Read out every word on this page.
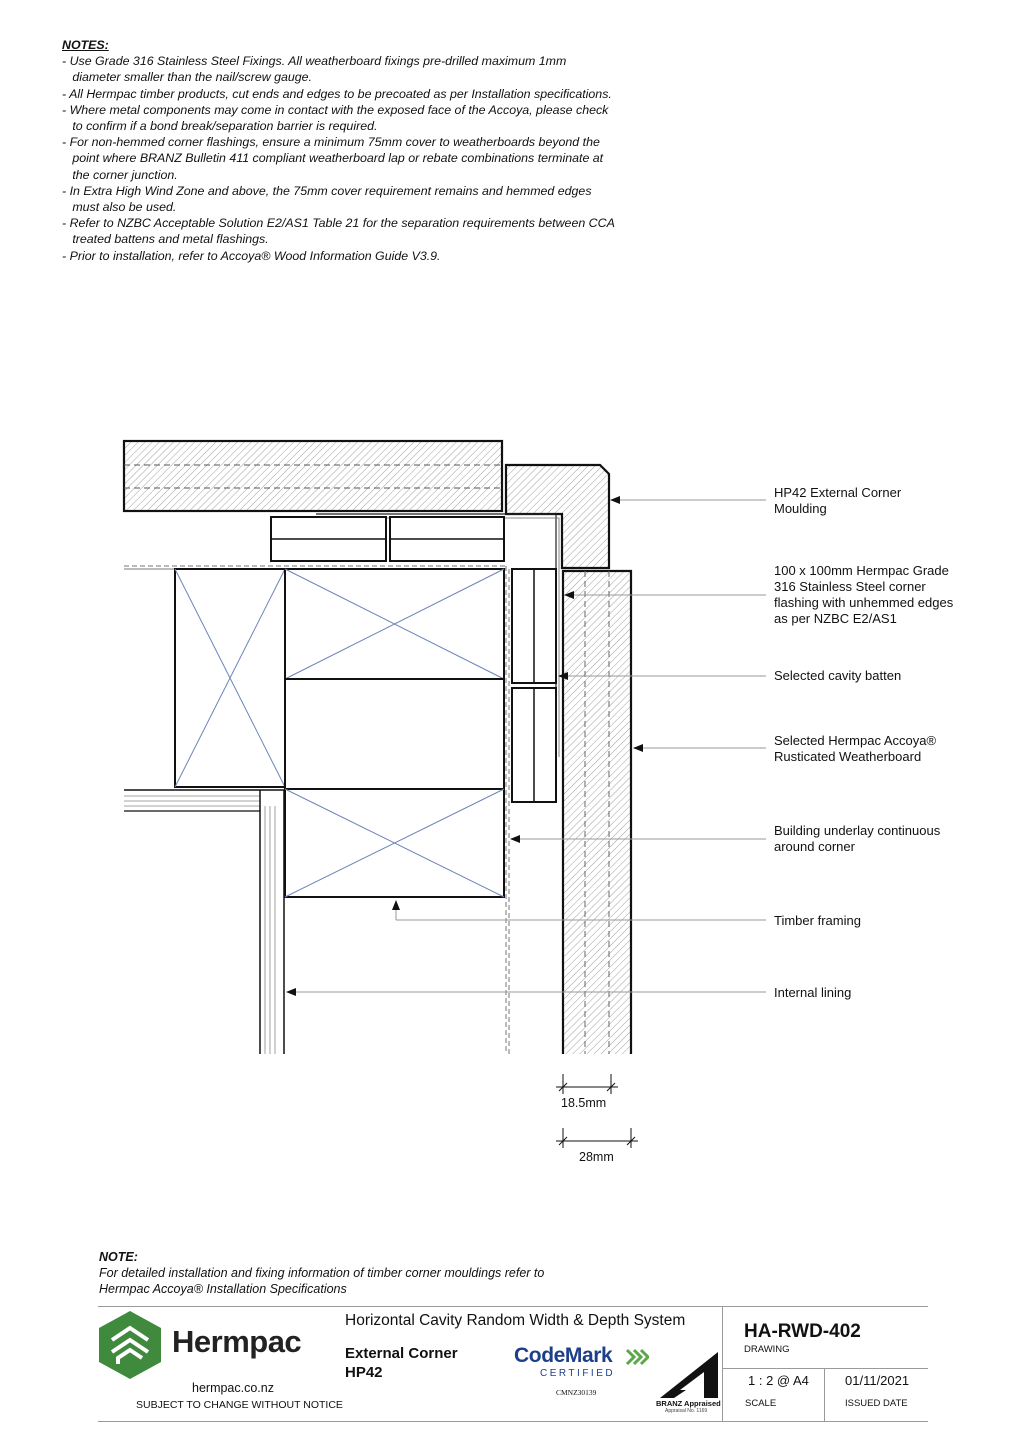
NOTES:
- Use Grade 316 Stainless Steel Fixings. All weatherboard fixings pre-drilled maximum 1mm
diameter smaller than the nail/screw gauge.
- All Hermpac timber products, cut ends and edges to be precoated as per Installation specifications.
- Where metal components may come in contact with the exposed face of the Accoya, please check
to confirm if a bond break/separation barrier is required.
- For non-hemmed corner flashings, ensure a minimum 75mm cover to weatherboards beyond the
point where BRANZ Bulletin 411 compliant weatherboard lap or rebate combinations terminate at
the corner junction.
- In Extra High Wind Zone and above, the 75mm cover requirement remains and hemmed edges
must also be used.
- Refer to NZBC Acceptable Solution E2/AS1 Table 21 for the separation requirements between CCA
treated battens and metal flashings.
- Prior to installation, refer to Accoya® Wood Information Guide V3.9.
HP42 External Corner
Moulding
100 x 100mm Hermpac Grade
316 Stainless Steel corner
flashing with unhemmed edges
as per NZBC E2/AS1
Selected cavity batten
Selected Hermpac Accoya®
Rusticated Weatherboard
Building underlay continuous
around corner
Timber framing
Internal lining
18.5mm
28mm
NOTE:
For detailed installation and fixing information of timber corner mouldings refer to
Hermpac Accoya® Installation Specifications
Hermpac
hermpac.co.nz
SUBJECT TO CHANGE WITHOUT NOTICE
Horizontal Cavity Random Width & Depth System
External Corner
HP42
CodeMark
CERTIFIED
CMNZ30139
BRANZ Appraised
Appraisal No. 1169
HA-RWD-402
DRAWING
1 : 2 @ A4
SCALE
01/11/2021
ISSUED DATE
